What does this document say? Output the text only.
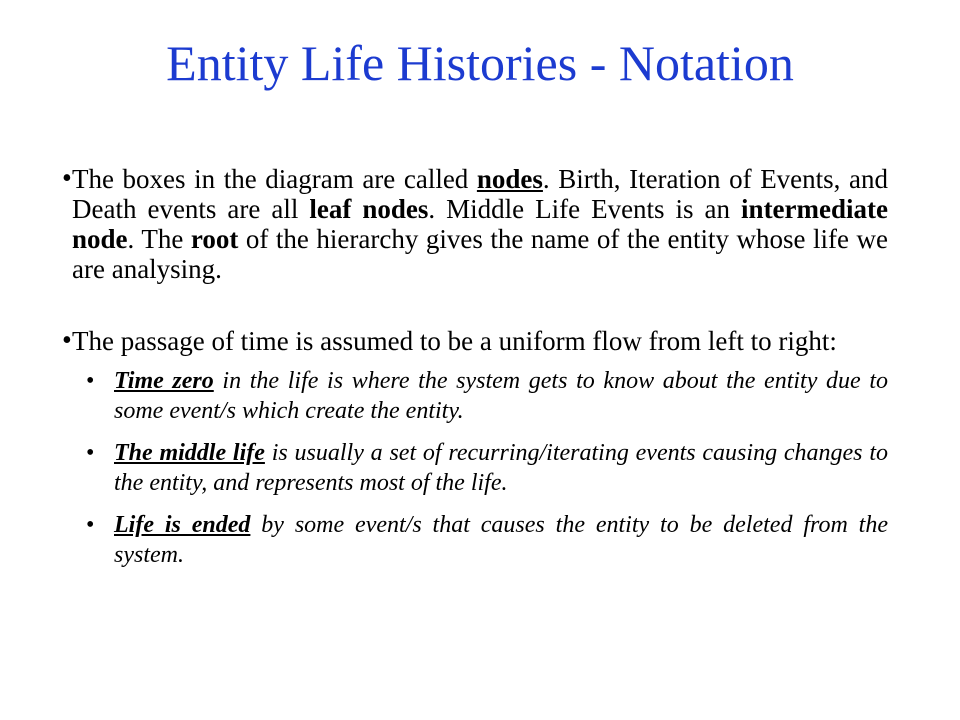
Entity Life Histories - Notation
• The boxes in the diagram are called nodes. Birth, Iteration of Events, and Death events are all leaf nodes. Middle Life Events is an intermediate node. The root of the hierarchy gives the name of the entity whose life we are analysing.
• The passage of time is assumed to be a uniform flow from left to right:
• Time zero in the life is where the system gets to know about the entity due to some event/s which create the entity.
• The middle life is usually a set of recurring/iterating events causing changes to the entity, and represents most of the life.
• Life is ended by some event/s that causes the entity to be deleted from the system.
